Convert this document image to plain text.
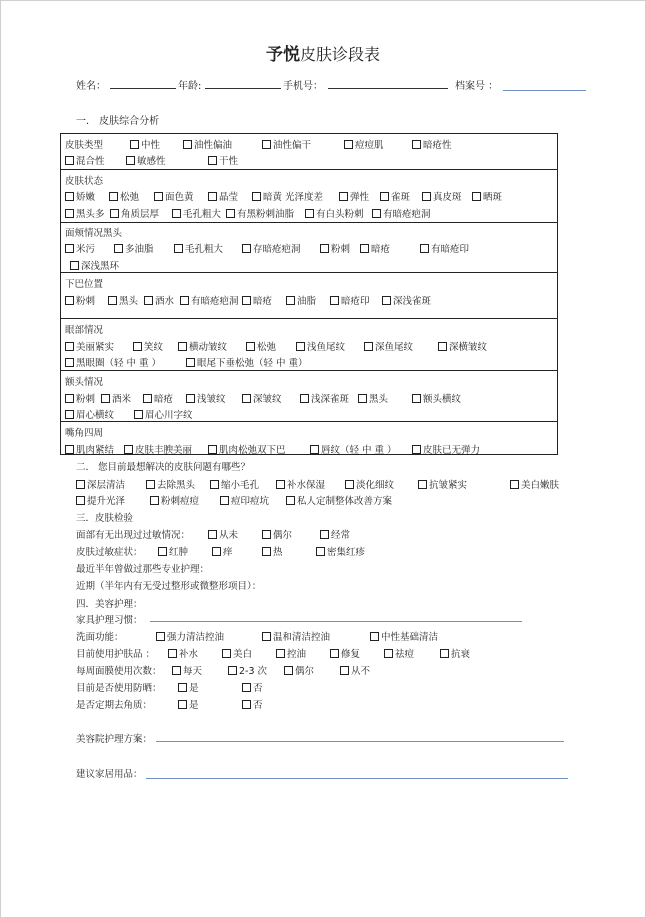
予悦皮肤诊段表
姓名：	年龄:	手机号：	档案号 ：
一． 皮肤综合分析
皮肤类型	中性	油性偏油	油性偏干	痘痘肌	暗疮性
混合性	敏感性	干性
皮肤状态
娇嫩	松弛	面色黄	晶莹	暗黄 光泽度差	弹性	雀斑	真皮斑	晒斑
黑头多	角质层厚	毛孔粗大	有黑粉刺油脂	有白头粉刺	有暗疮疤洞
面颊情况黑头
米污	多油脂	毛孔粗大	存暗疮疤洞	粉刺	暗疮	有暗疮印
深浅黑环
下巴位置
粉刺	黑头	酒水	有暗疮疤洞	暗疮	油脂	暗疮印	深浅雀斑
眼部情况
美丽紧实	笑纹	横动皱纹	松弛	浅鱼尾纹	深鱼尾纹	深横皱纹
黑眼圈（轻 中 重 ）	眼尾下垂松弛（轻 中 重）
额头情况
粉刺	酒米	暗疮	浅皱纹	深皱纹	浅深雀斑	黑头	额头横纹
眉心横纹	眉心川字纹
嘴角四周
肌肉紧结	皮肤丰腴美丽	肌肉松弛双下巴	唇纹（轻 中 重 ）	皮肤已无弹力
二． 您目前最想解决的皮肤问题有哪些？
深层清洁	去除黑头	缩小毛孔	补水保湿	淡化细纹	抗皱紧实	美白嫩肤
提升光泽	粉刺痘痘	痘印痘坑	私人定制整体改善方案
三．皮肤检验
面部有无出现过过敏情况：	从未	偶尔	经常
皮肤过敏症状：	红肿	痒	热	密集红疹
最近半年曾做过那些专业护理：
近期（半年内有无受过整形或微整形项目）：
四．美容护理：
家具护理习惯：
洗面功能：	强力清洁控油	温和清洁控油	中性基础清洁
目前使用护肤品 ：	补水	美白	控油	修复	祛痘	抗衰
每周面膜使用次数：	每天	2-3 次	偶尔	从不
目前是否使用防晒：	是	否
是否定期去角质：	是	否
美容院护理方案：
建议家居用品：
